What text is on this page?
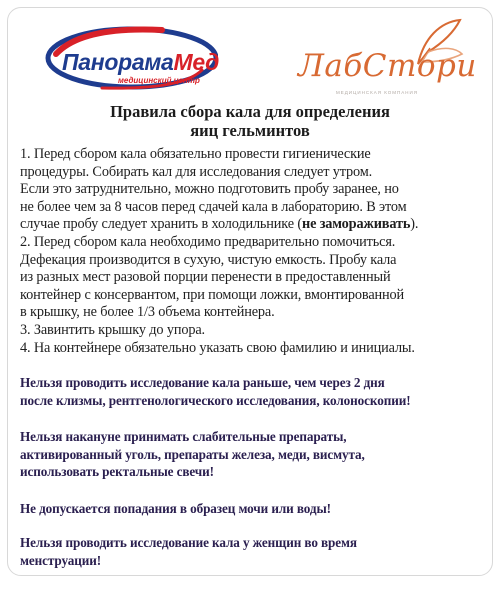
ПанорамаМед
медицинский центр	ЛабСтори
МЕДИЦИНСКАЯ КОМПАНИЯ
Правила сбора кала для определения
яиц гельминтов

1. Перед сбором кала обязательно провести гигиенические

процедуры. Собирать кал для исследования следует утром.

Если это затруднительно, можно подготовить пробу заранее, но

не более чем за 8 часов перед сдачей кала в лабораторию. В этом

случае пробу следует хранить в холодильнике (не замораживать).

2. Перед сбором кала необходимо предварительно помочиться.

Дефекация производится в сухую, чистую емкость. Пробу кала

из разных мест разовой порции перенести в предоставленный

контейнер с консервантом, при помощи ложки, вмонтированной

в крышку, не более 1/3 объема контейнера.

3. Завинтить крышку до упора.

4. На контейнере обязательно указать свою фамилию и инициалы.

Нельзя проводить исследование кала раньше, чем через 2 дня

после клизмы, рентгенологического исследования, колоноскопии!

Нельзя накануне принимать слабительные препараты,

активированный уголь, препараты железа, меди, висмута,

использовать ректальные свечи!

Не допускается попадания в образец мочи или воды!

Нельзя проводить исследование кала у женщин во время

менструации!
